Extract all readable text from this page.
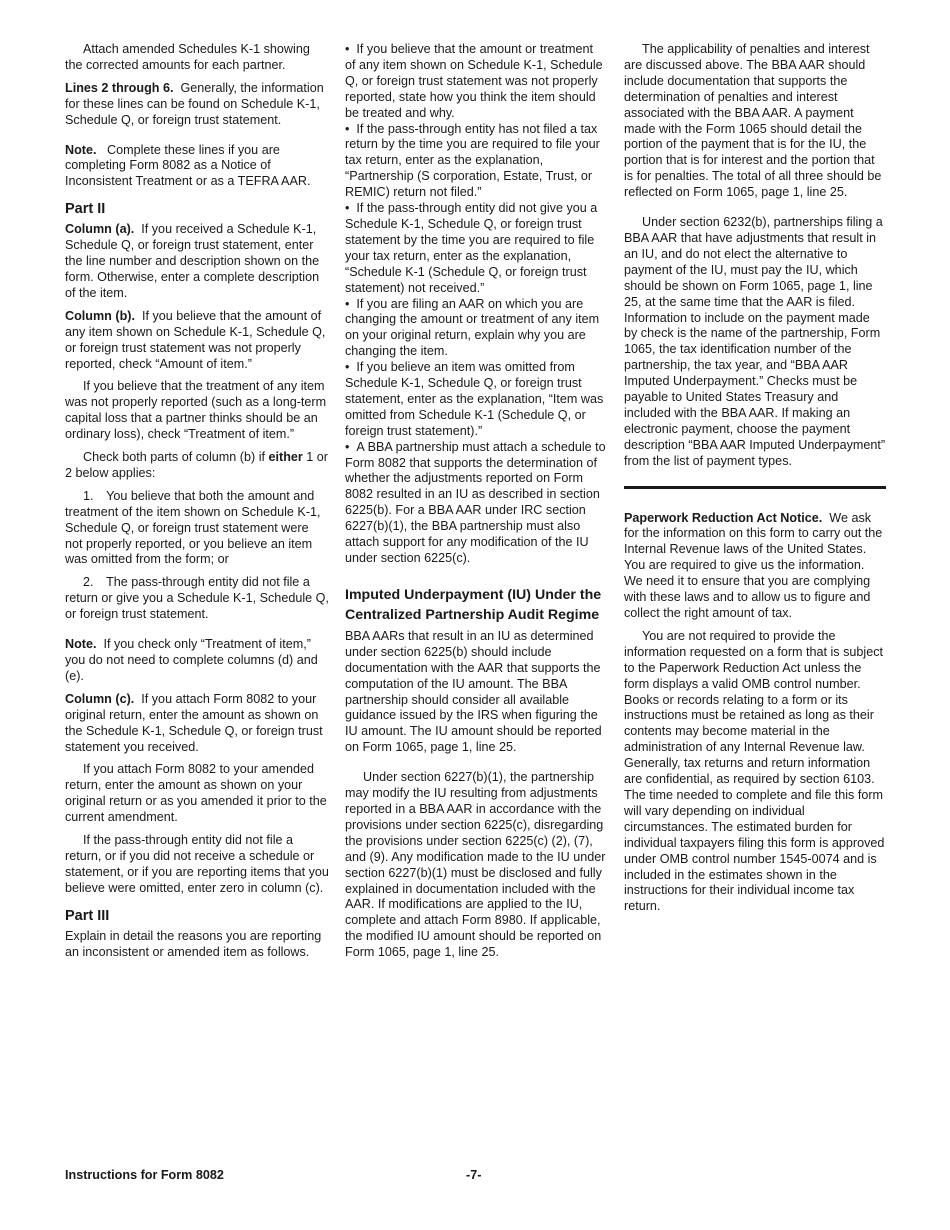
Attach amended Schedules K-1 showing the corrected amounts for each partner.

Lines 2 through 6. Generally, the information for these lines can be found on Schedule K-1, Schedule Q, or foreign trust statement.

Note. Complete these lines if you are completing Form 8082 as a Notice of Inconsistent Treatment or as a TEFRA AAR.

Part II

Column (a). If you received a Schedule K-1, Schedule Q, or foreign trust statement, enter the line number and description shown on the form. Otherwise, enter a complete description of the item.

Column (b). If you believe that the amount of any item shown on Schedule K-1, Schedule Q, or foreign trust statement was not properly reported, check “Amount of item.”

If you believe that the treatment of any item was not properly reported (such as a long-term capital loss that a partner thinks should be an ordinary loss), check “Treatment of item.”

Check both parts of column (b) if either 1 or 2 below applies:

1. You believe that both the amount and treatment of the item shown on Schedule K-1, Schedule Q, or foreign trust statement were not properly reported, or you believe an item was omitted from the form; or

2. The pass-through entity did not file a return or give you a Schedule K-1, Schedule Q, or foreign trust statement.

Note. If you check only “Treatment of item,” you do not need to complete columns (d) and (e).

Column (c). If you attach Form 8082 to your original return, enter the amount as shown on the Schedule K-1, Schedule Q, or foreign trust statement you received.

If you attach Form 8082 to your amended return, enter the amount as shown on your original return or as you amended it prior to the current amendment.

If the pass-through entity did not file a return, or if you did not receive a schedule or statement, or if you are reporting items that you believe were omitted, enter zero in column (c).

Part III

Explain in detail the reasons you are reporting an inconsistent or amended item as follows.

•  If you believe that the amount or treatment of any item shown on Schedule K-1, Schedule Q, or foreign trust statement was not properly reported, state how you think the item should be treated and why.

•  If the pass-through entity has not filed a tax return by the time you are required to file your tax return, enter as the explanation, “Partnership (S corporation, Estate, Trust, or REMIC) return not filed.”

•  If the pass-through entity did not give you a Schedule K-1, Schedule Q, or foreign trust statement by the time you are required to file your tax return, enter as the explanation, “Schedule K-1 (Schedule Q, or foreign trust statement) not received.”

•  If you are filing an AAR on which you are changing the amount or treatment of any item on your original return, explain why you are changing the item.

•  If you believe an item was omitted from Schedule K-1, Schedule Q, or foreign trust statement, enter as the explanation, “Item was omitted from Schedule K-1 (Schedule Q, or foreign trust statement).”

•  A BBA partnership must attach a schedule to Form 8082 that supports the determination of whether the adjustments reported on Form 8082 resulted in an IU as described in section 6225(b). For a BBA AAR under IRC section 6227(b)(1), the BBA partnership must also attach support for any modification of the IU under section 6225(c).

Imputed Underpayment (IU) Under the Centralized Partnership Audit Regime

BBA AARs that result in an IU as determined under section 6225(b) should include documentation with the AAR that supports the computation of the IU amount. The BBA partnership should consider all available guidance issued by the IRS when figuring the IU amount. The IU amount should be reported on Form 1065, page 1, line 25.

Under section 6227(b)(1), the partnership may modify the IU resulting from adjustments reported in a BBA AAR in accordance with the provisions under section 6225(c), disregarding the provisions under section 6225(c) (2), (7), and (9). Any modification made to the IU under section 6227(b)(1) must be disclosed and fully explained in documentation included with the AAR. If modifications are applied to the IU, complete and attach Form 8980. If applicable, the modified IU amount should be reported on Form 1065, page 1, line 25.

The applicability of penalties and interest are discussed above. The BBA AAR should include documentation that supports the determination of penalties and interest associated with the BBA AAR. A payment made with the Form 1065 should detail the portion of the payment that is for the IU, the portion that is for interest and the portion that is for penalties. The total of all three should be reflected on Form 1065, page 1, line 25.

Under section 6232(b), partnerships filing a BBA AAR that have adjustments that result in an IU, and do not elect the alternative to payment of the IU, must pay the IU, which should be shown on Form 1065, page 1, line 25, at the same time that the AAR is filed. Information to include on the payment made by check is the name of the partnership, Form 1065, the tax identification number of the partnership, the tax year, and “BBA AAR Imputed Underpayment.” Checks must be payable to United States Treasury and included with the BBA AAR. If making an electronic payment, choose the payment description “BBA AAR Imputed Underpayment” from the list of payment types.

Paperwork Reduction Act Notice. We ask for the information on this form to carry out the Internal Revenue laws of the United States. You are required to give us the information. We need it to ensure that you are complying with these laws and to allow us to figure and collect the right amount of tax.

You are not required to provide the information requested on a form that is subject to the Paperwork Reduction Act unless the form displays a valid OMB control number. Books or records relating to a form or its instructions must be retained as long as their contents may become material in the administration of any Internal Revenue law. Generally, tax returns and return information are confidential, as required by section 6103. The time needed to complete and file this form will vary depending on individual circumstances. The estimated burden for individual taxpayers filing this form is approved under OMB control number 1545-0074 and is included in the estimates shown in the instructions for their individual income tax return.

Instructions for Form 8082	-7-
